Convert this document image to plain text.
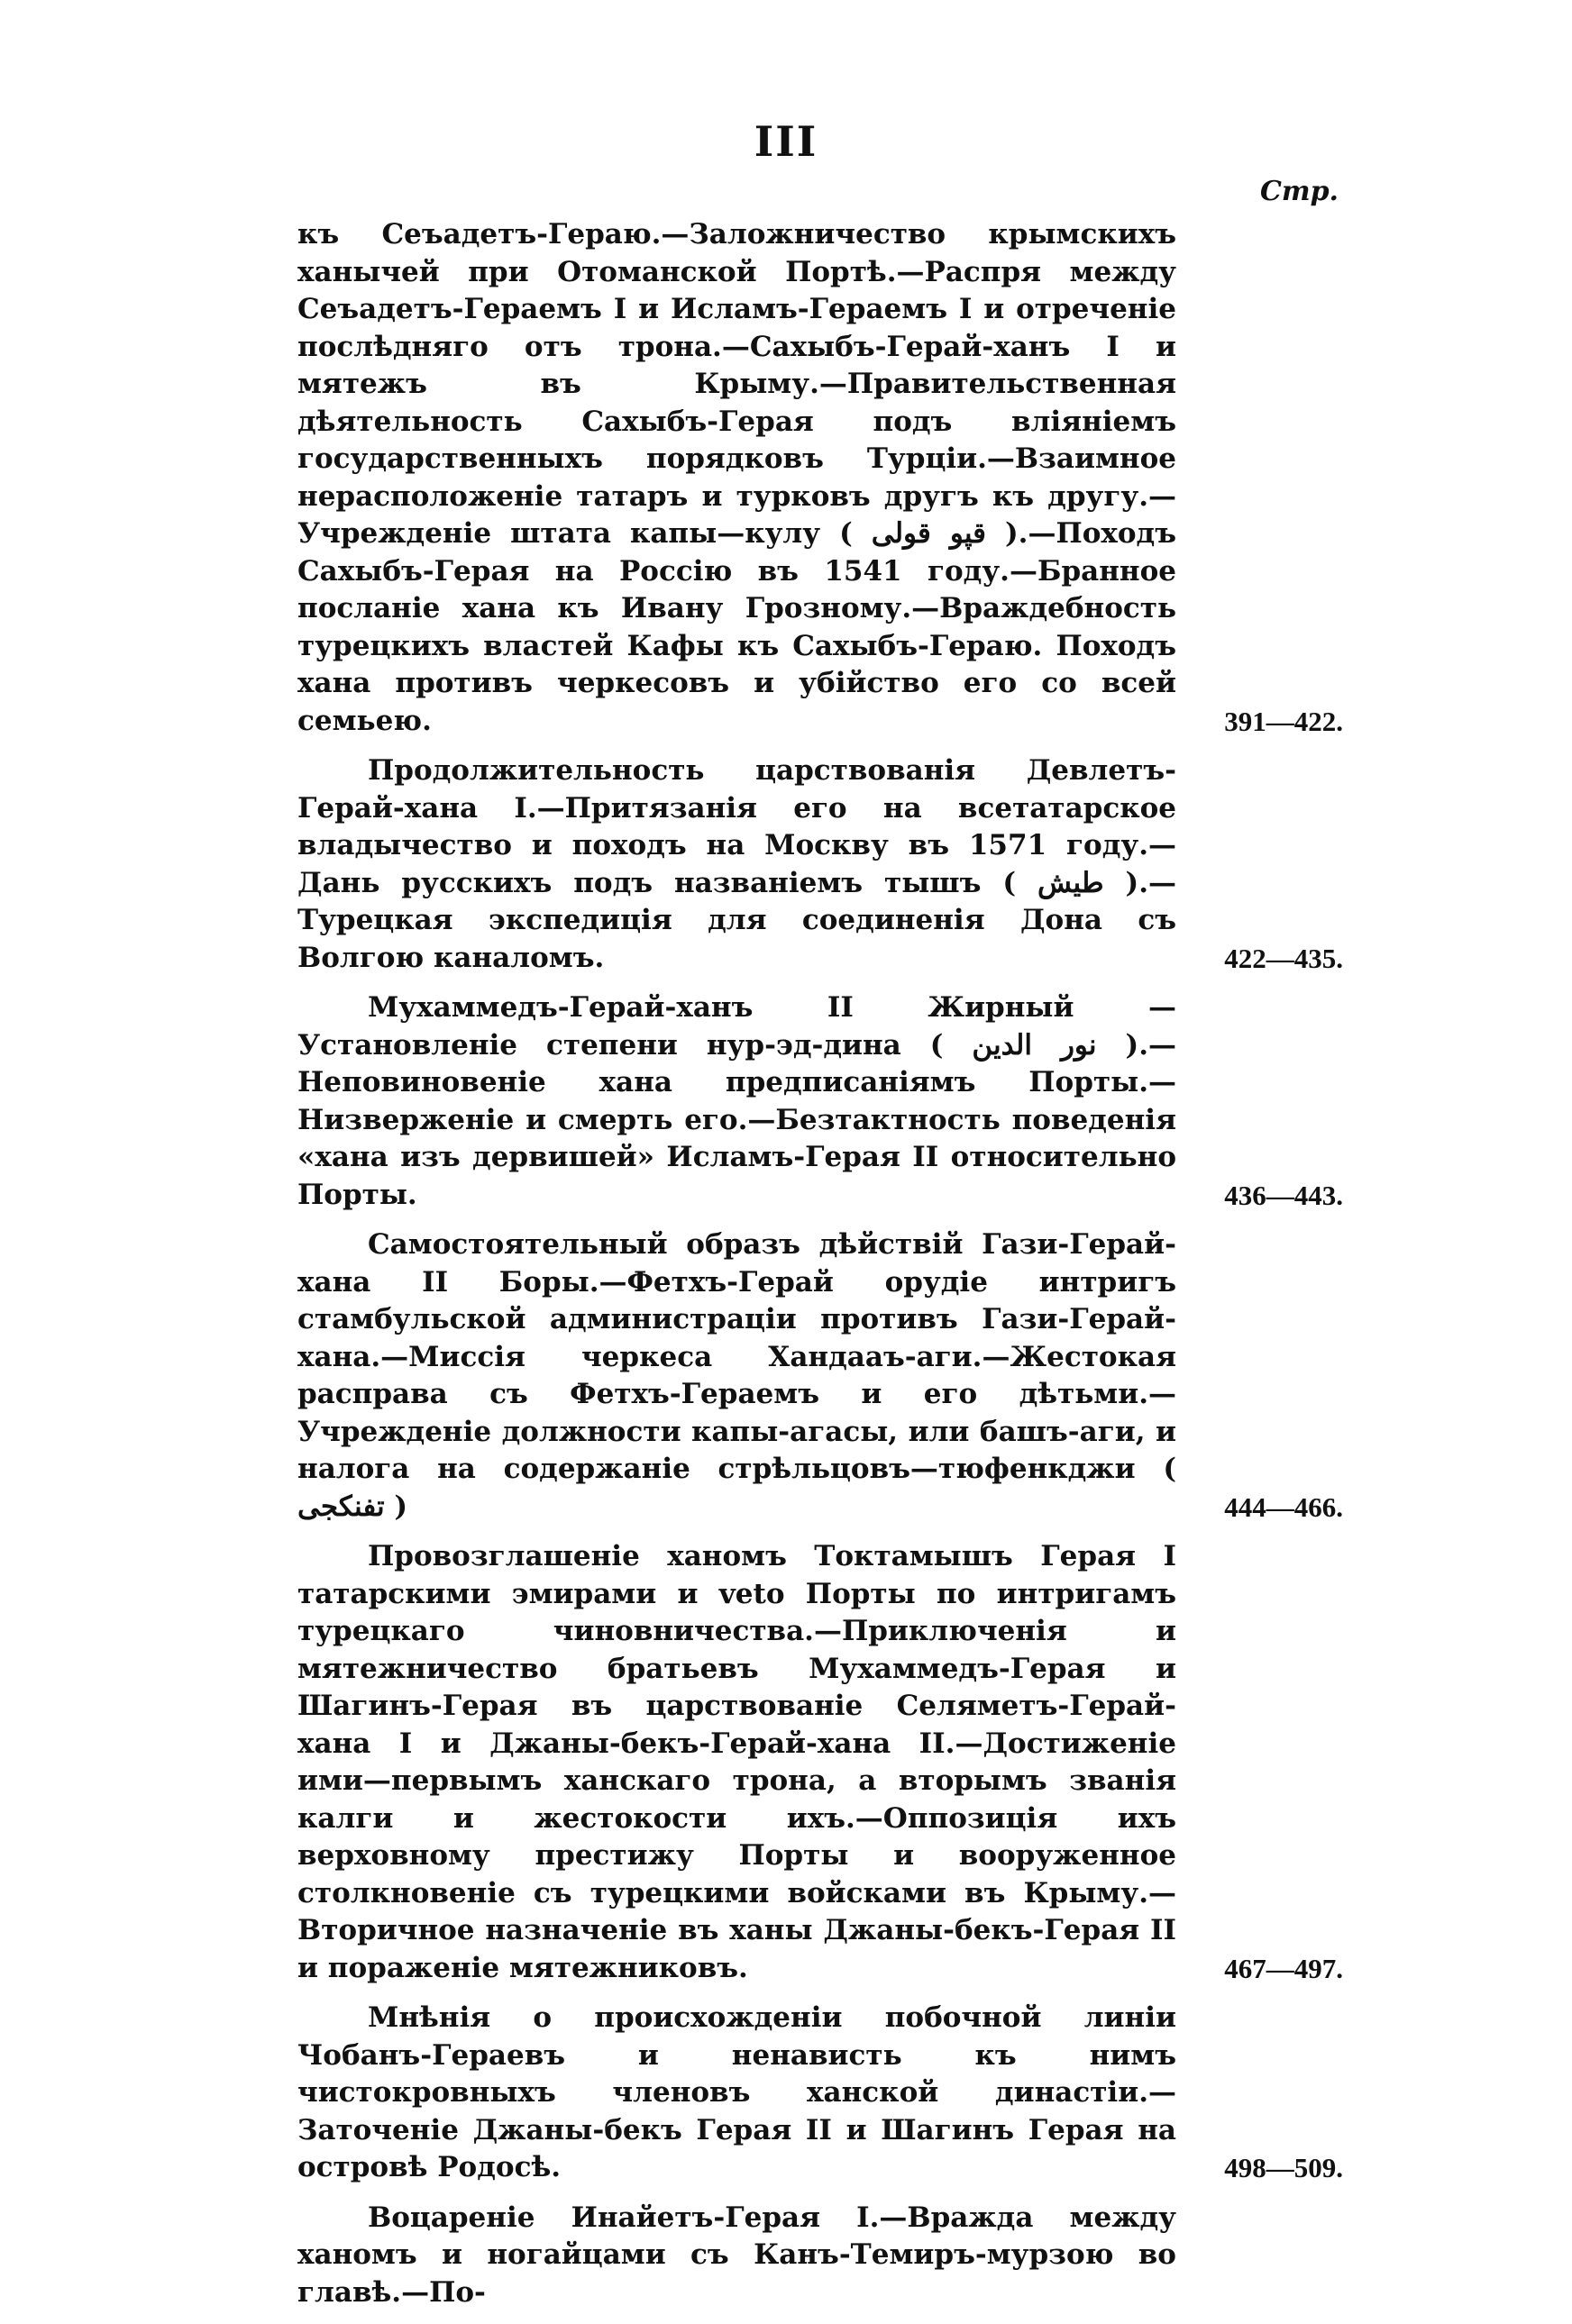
III
Стр.
къ Сеъадетъ-Гераю.—Заложничество крымскихъ ханычей при Отоманской Портѣ.—Распря между Сеъадетъ-Гераемъ I и Исламъ-Гераемъ I и отреченіе послѣдняго отъ трона.—Сахыбъ-Герай-ханъ I и мятежъ въ Крыму.—Правительственная дѣятельность Сахыбъ-Герая подъ вліяніемъ государственныхъ порядковъ Турціи.—Взаимное нерасположеніе татаръ и турковъ другъ къ другу.—Учрежденіе штата капы—кулу ( قپو قولى ).—Походъ Сахыбъ-Герая на Россію въ 1541 году.—Бранное посланіе хана къ Ивану Грозному.—Враждебность турецкихъ властей Кафы къ Сахыбъ-Гераю. Походъ хана противъ черкесовъ и убійство его со всей семьею.	391—422.
Продолжительность царствованія Девлетъ-Герай-хана I.—Притязанія его на всетатарское владычество и походъ на Москву въ 1571 году.—Дань русскихъ подъ названіемъ тышъ ( طيش ).—Турецкая экспедиція для соединенія Дона съ Волгою каналомъ.	422—435.
Мухаммедъ-Герай-ханъ II Жирный —Установленіе степени нур-эд-дина ( نور الدين ).—Неповиновеніе хана предписаніямъ Порты.—Низверженіе и смерть его.—Безтактность поведенія «хана изъ дервишей» Исламъ-Герая II относительно Порты.	436—443.
Самостоятельный образъ дѣйствій Гази-Герай-хана II Боры.—Фетхъ-Герай орудіе интригъ стамбульской администраціи противъ Гази-Герай-хана.—Миссія черкеса Хандааъ-аги.—Жестокая расправа съ Фетхъ-Гераемъ и его дѣтьми.—Учрежденіе должности капы-агасы, или башъ-аги, и налога на содержаніе стрѣльцовъ—тюфенкджи ( تفنكجى )	444—466.
Провозглашеніе ханомъ Токтамышъ Герая I татарскими эмирами и veto Порты по интригамъ турецкаго чиновничества.—Приключенія и мятежничество братьевъ Мухаммедъ-Герая и Шагинъ-Герая въ царствованіе Селяметъ-Герай-хана I и Джаны-бекъ-Герай-хана II.—Достиженіе ими—первымъ ханскаго трона, а вторымъ званія калги и жестокости ихъ.—Оппозиція ихъ верховному престижу Порты и вооруженное столкновеніе съ турецкими войсками въ Крыму.—Вторичное назначеніе въ ханы Джаны-бекъ-Герая II и пораженіе мятежниковъ.	467—497.
Мнѣнія о происхожденіи побочной линіи Чобанъ-Гераевъ и ненависть къ нимъ чистокровныхъ членовъ ханской династіи.—Заточеніе Джаны-бекъ Герая II и Шагинъ Герая на островѣ Родосѣ.	498—509.
Воцареніе Инайетъ-Герая I.—Вражда между ханомъ и ногайцами съ Канъ-Темиръ-мурзою во главѣ.—По-
